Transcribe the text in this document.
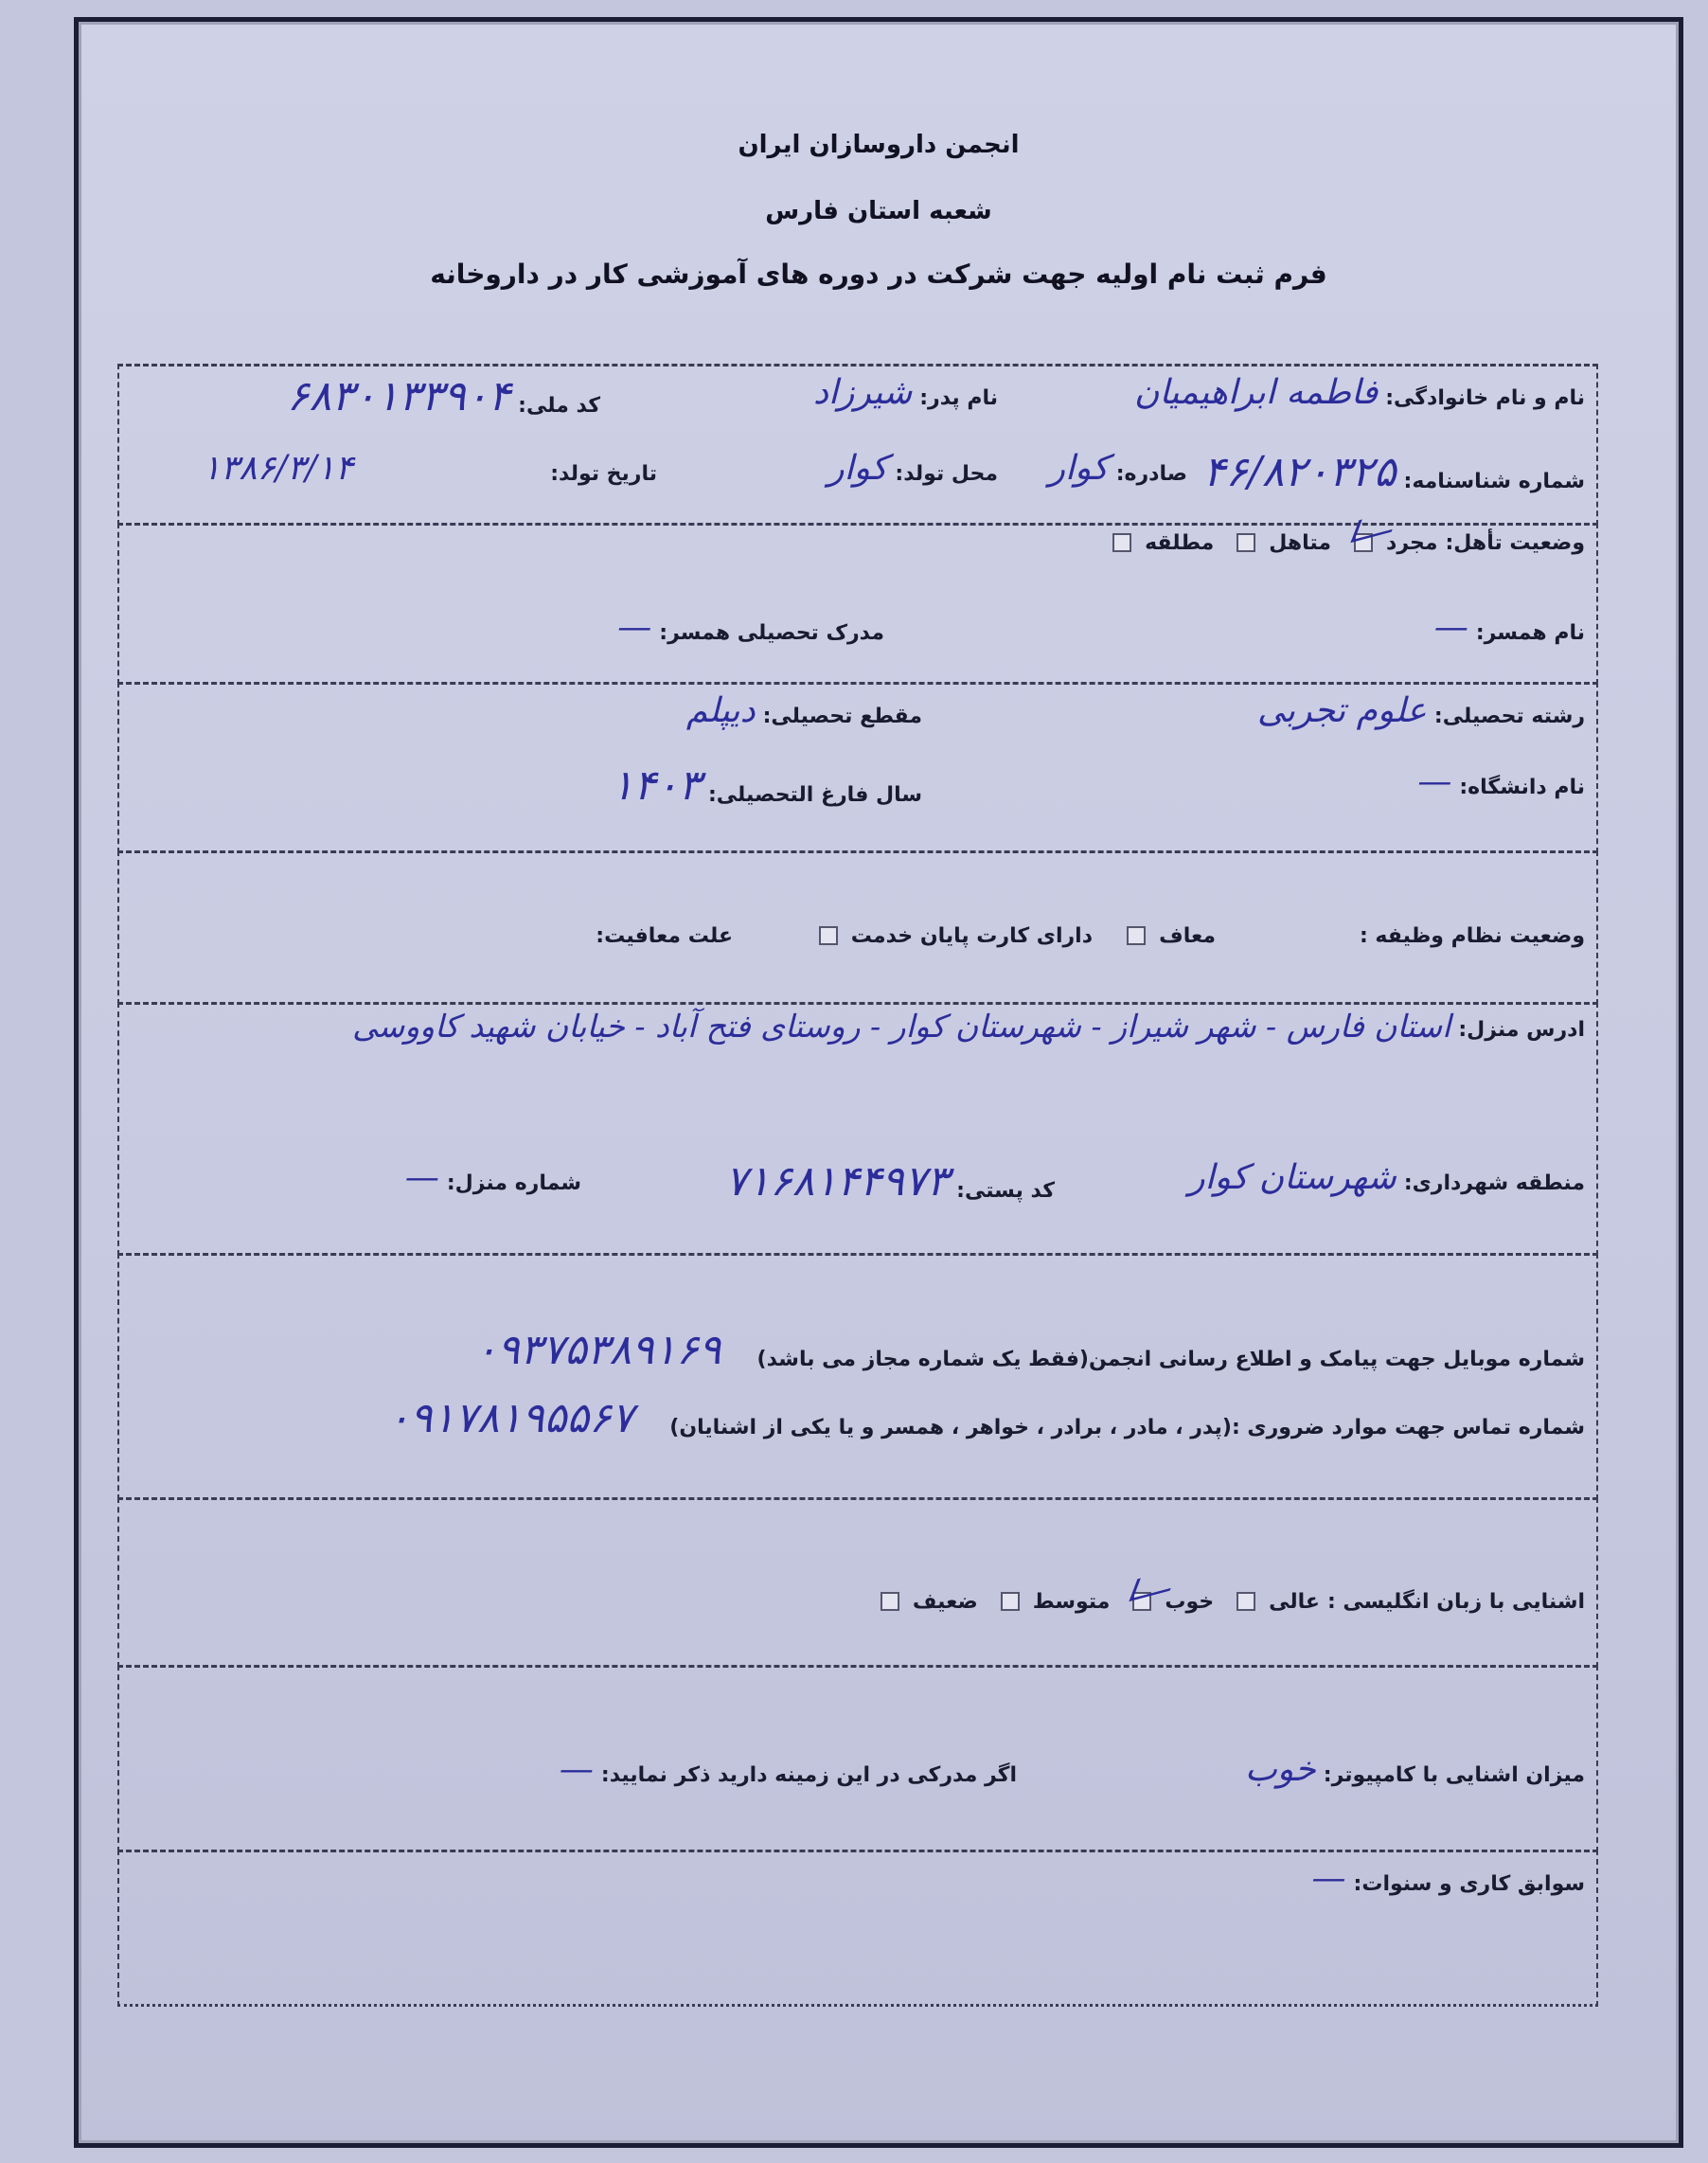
انجمن داروسازان ایران
شعبه استان فارس
فرم ثبت نام اولیه جهت شرکت در دوره های آموزشی کار در داروخانه
نام و نام خانوادگی:
فاطمه ابراهیمیان
نام پدر:
شیرزاد
کد ملی:
۶۸۳۰۱۳۳۹۰۴
شماره شناسنامه:
۴۶/۸۲۰۳۲۵
صادره:
کوار
محل تولد:
کوار
تاریخ تولد:
۱۳۸۶/۳/۱۴
وضعیت تأهل:
مجرد
متاهل
مطلقه
نام همسر:
—
مدرک تحصیلی همسر:
—
رشته تحصیلی:
علوم تجربی
مقطع تحصیلی:
دیپلم
نام دانشگاه:
—
سال فارغ التحصیلی:
۱۴۰۳
وضعیت نظام وظیفه :
معاف
دارای کارت پایان خدمت
علت معافیت:
ادرس منزل:
استان فارس - شهر شیراز - شهرستان کوار - روستای فتح آباد - خیابان شهید کاووسی
منطقه شهرداری:
شهرستان کوار
کد پستی:
۷۱۶۸۱۴۴۹۷۳
شماره منزل:
—
شماره موبایل جهت پیامک و اطلاع رسانی انجمن(فقط یک شماره مجاز می باشد)
۰۹۳۷۵۳۸۹۱۶۹
شماره تماس جهت موارد ضروری :(پدر ، مادر ، برادر ، خواهر ، همسر و یا یکی از اشنایان)
۰۹۱۷۸۱۹۵۵۶۷
اشنایی با زبان انگلیسی :
عالی
خوب
متوسط
ضعیف
میزان اشنایی با کامپیوتر:
خوب
اگر مدرکی در این زمینه دارید ذکر نمایید:
—
سوابق کاری و سنوات:
—
